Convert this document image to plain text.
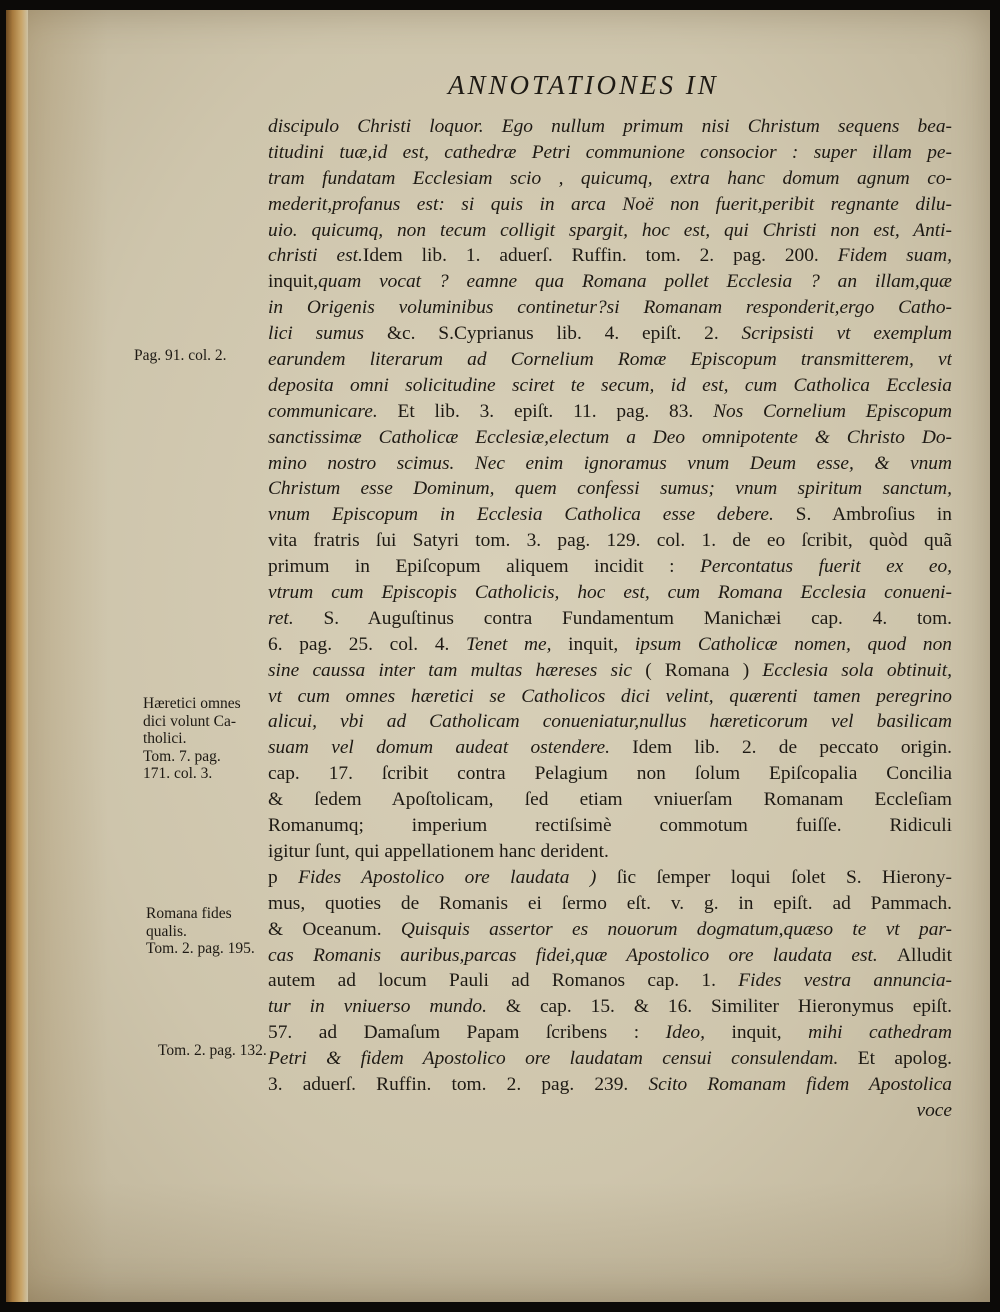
ANNOTATIONES IN
discipulo Christi loquor. Ego nullum primum nisi Christum sequens bea-
titudini tuæ,id est, cathedræ Petri communione consocior : super illam pe-
tram fundatam Ecclesiam scio , quicumq, extra hanc domum agnum co-
mederit,profanus est: si quis in arca Noë non fuerit,peribit regnante dilu-
uio. quicumq, non tecum colligit spargit, hoc est, qui Christi non est, Anti-
christi est.Idem lib. 1. aduerſ. Ruffin. tom. 2. pag. 200. Fidem suam,
inquit,quam vocat ? eamne qua Romana pollet Ecclesia ? an illam,quæ
in Origenis voluminibus continetur?si Romanam responderit,ergo Catho-
lici sumus &c. S.Cyprianus lib. 4. epiſt. 2. Scripsisti vt exemplum
earundem literarum ad Cornelium Romæ Episcopum transmitterem, vt
deposita omni solicitudine sciret te secum, id est, cum Catholica Ecclesia
communicare. Et lib. 3. epiſt. 11. pag. 83. Nos Cornelium Episcopum
sanctissimæ Catholicæ Ecclesiæ,electum a Deo omnipotente & Christo Do-
mino nostro scimus. Nec enim ignoramus vnum Deum esse, & vnum
Christum esse Dominum, quem confessi sumus; vnum spiritum sanctum,
vnum Episcopum in Ecclesia Catholica esse debere. S. Ambroſius in
vita fratris ſui Satyri tom. 3. pag. 129. col. 1. de eo ſcribit, quòd quã
primum in Epiſcopum aliquem incidit : Percontatus fuerit ex eo,
vtrum cum Episcopis Catholicis, hoc est, cum Romana Ecclesia conueni-
ret. S. Auguſtinus contra Fundamentum Manichæi cap. 4. tom.
6. pag. 25. col. 4. Tenet me, inquit, ipsum Catholicæ nomen, quod non
sine caussa inter tam multas hæreses sic ( Romana ) Ecclesia sola obtinuit,
vt cum omnes hæretici se Catholicos dici velint, quærenti tamen peregrino
alicui, vbi ad Catholicam conueniatur,nullus hæreticorum vel basilicam
suam vel domum audeat ostendere. Idem lib. 2. de peccato origin.
cap. 17. ſcribit contra Pelagium non ſolum Epiſcopalia Concilia
& ſedem Apoſtolicam, ſed etiam vniuerſam Romanam Eccleſiam
Romanumq; imperium rectiſsimè commotum fuiſſe. Ridiculi
igitur ſunt, qui appellationem hanc derident.
p Fides Apostolico ore laudata ) ſic ſemper loqui ſolet S. Hierony-
mus, quoties de Romanis ei ſermo eſt. v. g. in epiſt. ad Pammach.
& Oceanum. Quisquis assertor es nouorum dogmatum,quæso te vt par-
cas Romanis auribus,parcas fidei,quæ Apostolico ore laudata est. Alludit
autem ad locum Pauli ad Romanos cap. 1. Fides vestra annuncia-
tur in vniuerso mundo. & cap. 15. & 16. Similiter Hieronymus epiſt.
57. ad Damaſum Papam ſcribens : Ideo, inquit, mihi cathedram
Petri & fidem Apostolico ore laudatam censui consulendam. Et apolog.
3. aduerſ. Ruffin. tom. 2. pag. 239. Scito Romanam fidem Apostolica
voce
Pag. 91. col. 2.
Hæretici omnes
dici volunt Ca-
tholici.
Tom. 7. pag.
171. col. 3.
Romana fides
qualis.
Tom. 2. pag. 195.
Tom. 2. pag. 132.
